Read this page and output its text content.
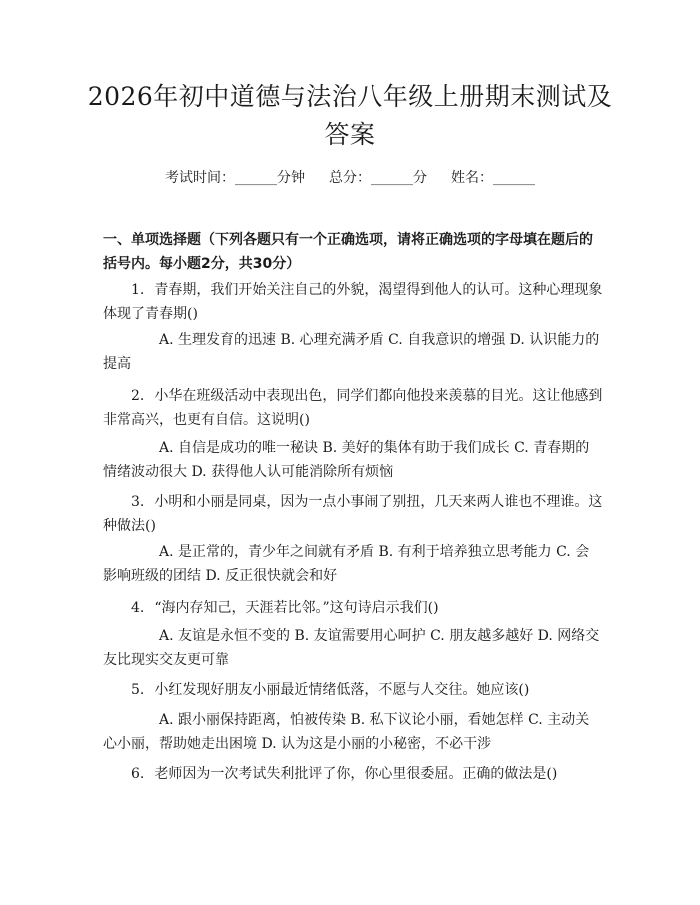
2026年初中道德与法治八年级上册期末测试及答案
考试时间：______分钟 总分：______分 姓名：______
一、单项选择题（下列各题只有一个正确选项，请将正确选项的字母填在题后的括号内。每小题2分，共30分）
1. 青春期，我们开始关注自己的外貌，渴望得到他人的认可。这种心理现象体现了青春期()
A. 生理发育的迅速 B. 心理充满矛盾 C. 自我意识的增强 D. 认识能力的提高
2. 小华在班级活动中表现出色，同学们都向他投来羡慕的目光。这让他感到非常高兴，也更有自信。这说明()
A. 自信是成功的唯一秘诀 B. 美好的集体有助于我们成长 C. 青春期的情绪波动很大 D. 获得他人认可能消除所有烦恼
3. 小明和小丽是同桌，因为一点小事闹了别扭，几天来两人谁也不理谁。这种做法()
A. 是正常的，青少年之间就有矛盾 B. 有利于培养独立思考能力 C. 会影响班级的团结 D. 反正很快就会和好
4. “海内存知己，天涯若比邻。”这句诗启示我们()
A. 友谊是永恒不变的 B. 友谊需要用心呵护 C. 朋友越多越好 D. 网络交友比现实交友更可靠
5. 小红发现好朋友小丽最近情绪低落，不愿与人交往。她应该()
A. 跟小丽保持距离，怕被传染 B. 私下议论小丽，看她怎样 C. 主动关心小丽，帮助她走出困境 D. 认为这是小丽的小秘密，不必干涉
6. 老师因为一次考试失利批评了你，你心里很委屈。正确的做法是()
